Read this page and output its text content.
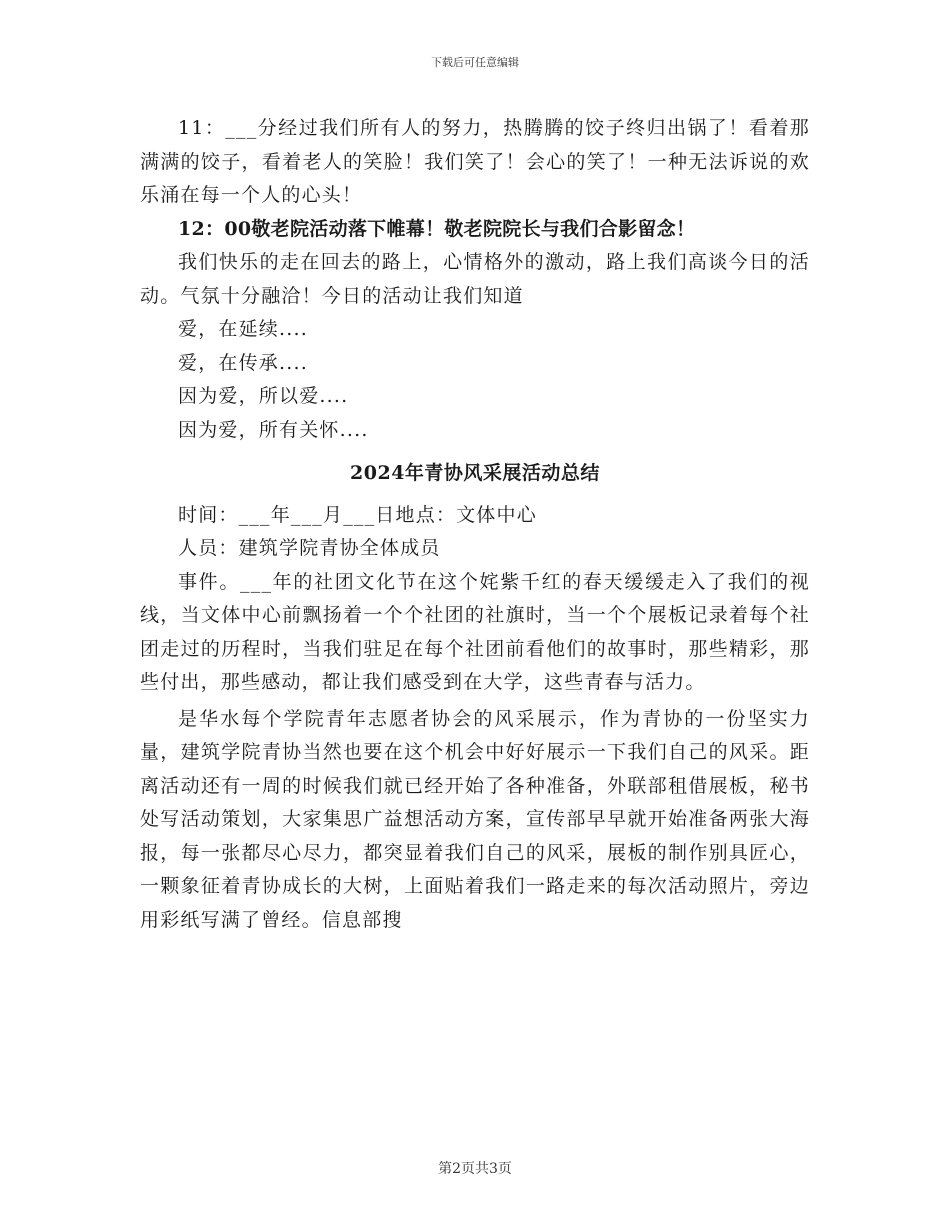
下载后可任意编辑

11：___分经过我们所有人的努力，热腾腾的饺子终归出锅了！看着那满满的饺子，看着老人的笑脸！我们笑了！会心的笑了！一种无法诉说的欢乐涌在每一个人的心头！

12：00敬老院活动落下帷幕！敬老院院长与我们合影留念！

我们快乐的走在回去的路上，心情格外的激动，路上我们高谈今日的活动。气氛十分融洽！今日的活动让我们知道

爱，在延续....

爱，在传承....

因为爱，所以爱....

因为爱，所有关怀....

2024年青协风采展活动总结

时间：___年___月___日地点：文体中心

人员：建筑学院青协全体成员

事件。___年的社团文化节在这个姹紫千红的春天缓缓走入了我们的视线，当文体中心前飘扬着一个个社团的社旗时，当一个个展板记录着每个社团走过的历程时，当我们驻足在每个社团前看他们的故事时，那些精彩，那些付出，那些感动，都让我们感受到在大学，这些青春与活力。

是华水每个学院青年志愿者协会的风采展示，作为青协的一份坚实力量，建筑学院青协当然也要在这个机会中好好展示一下我们自己的风采。距离活动还有一周的时候我们就已经开始了各种准备，外联部租借展板，秘书处写活动策划，大家集思广益想活动方案，宣传部早早就开始准备两张大海报，每一张都尽心尽力，都突显着我们自己的风采，展板的制作别具匠心，一颗象征着青协成长的大树，上面贴着我们一路走来的每次活动照片，旁边用彩纸写满了曾经。信息部搜

第2页共3页
